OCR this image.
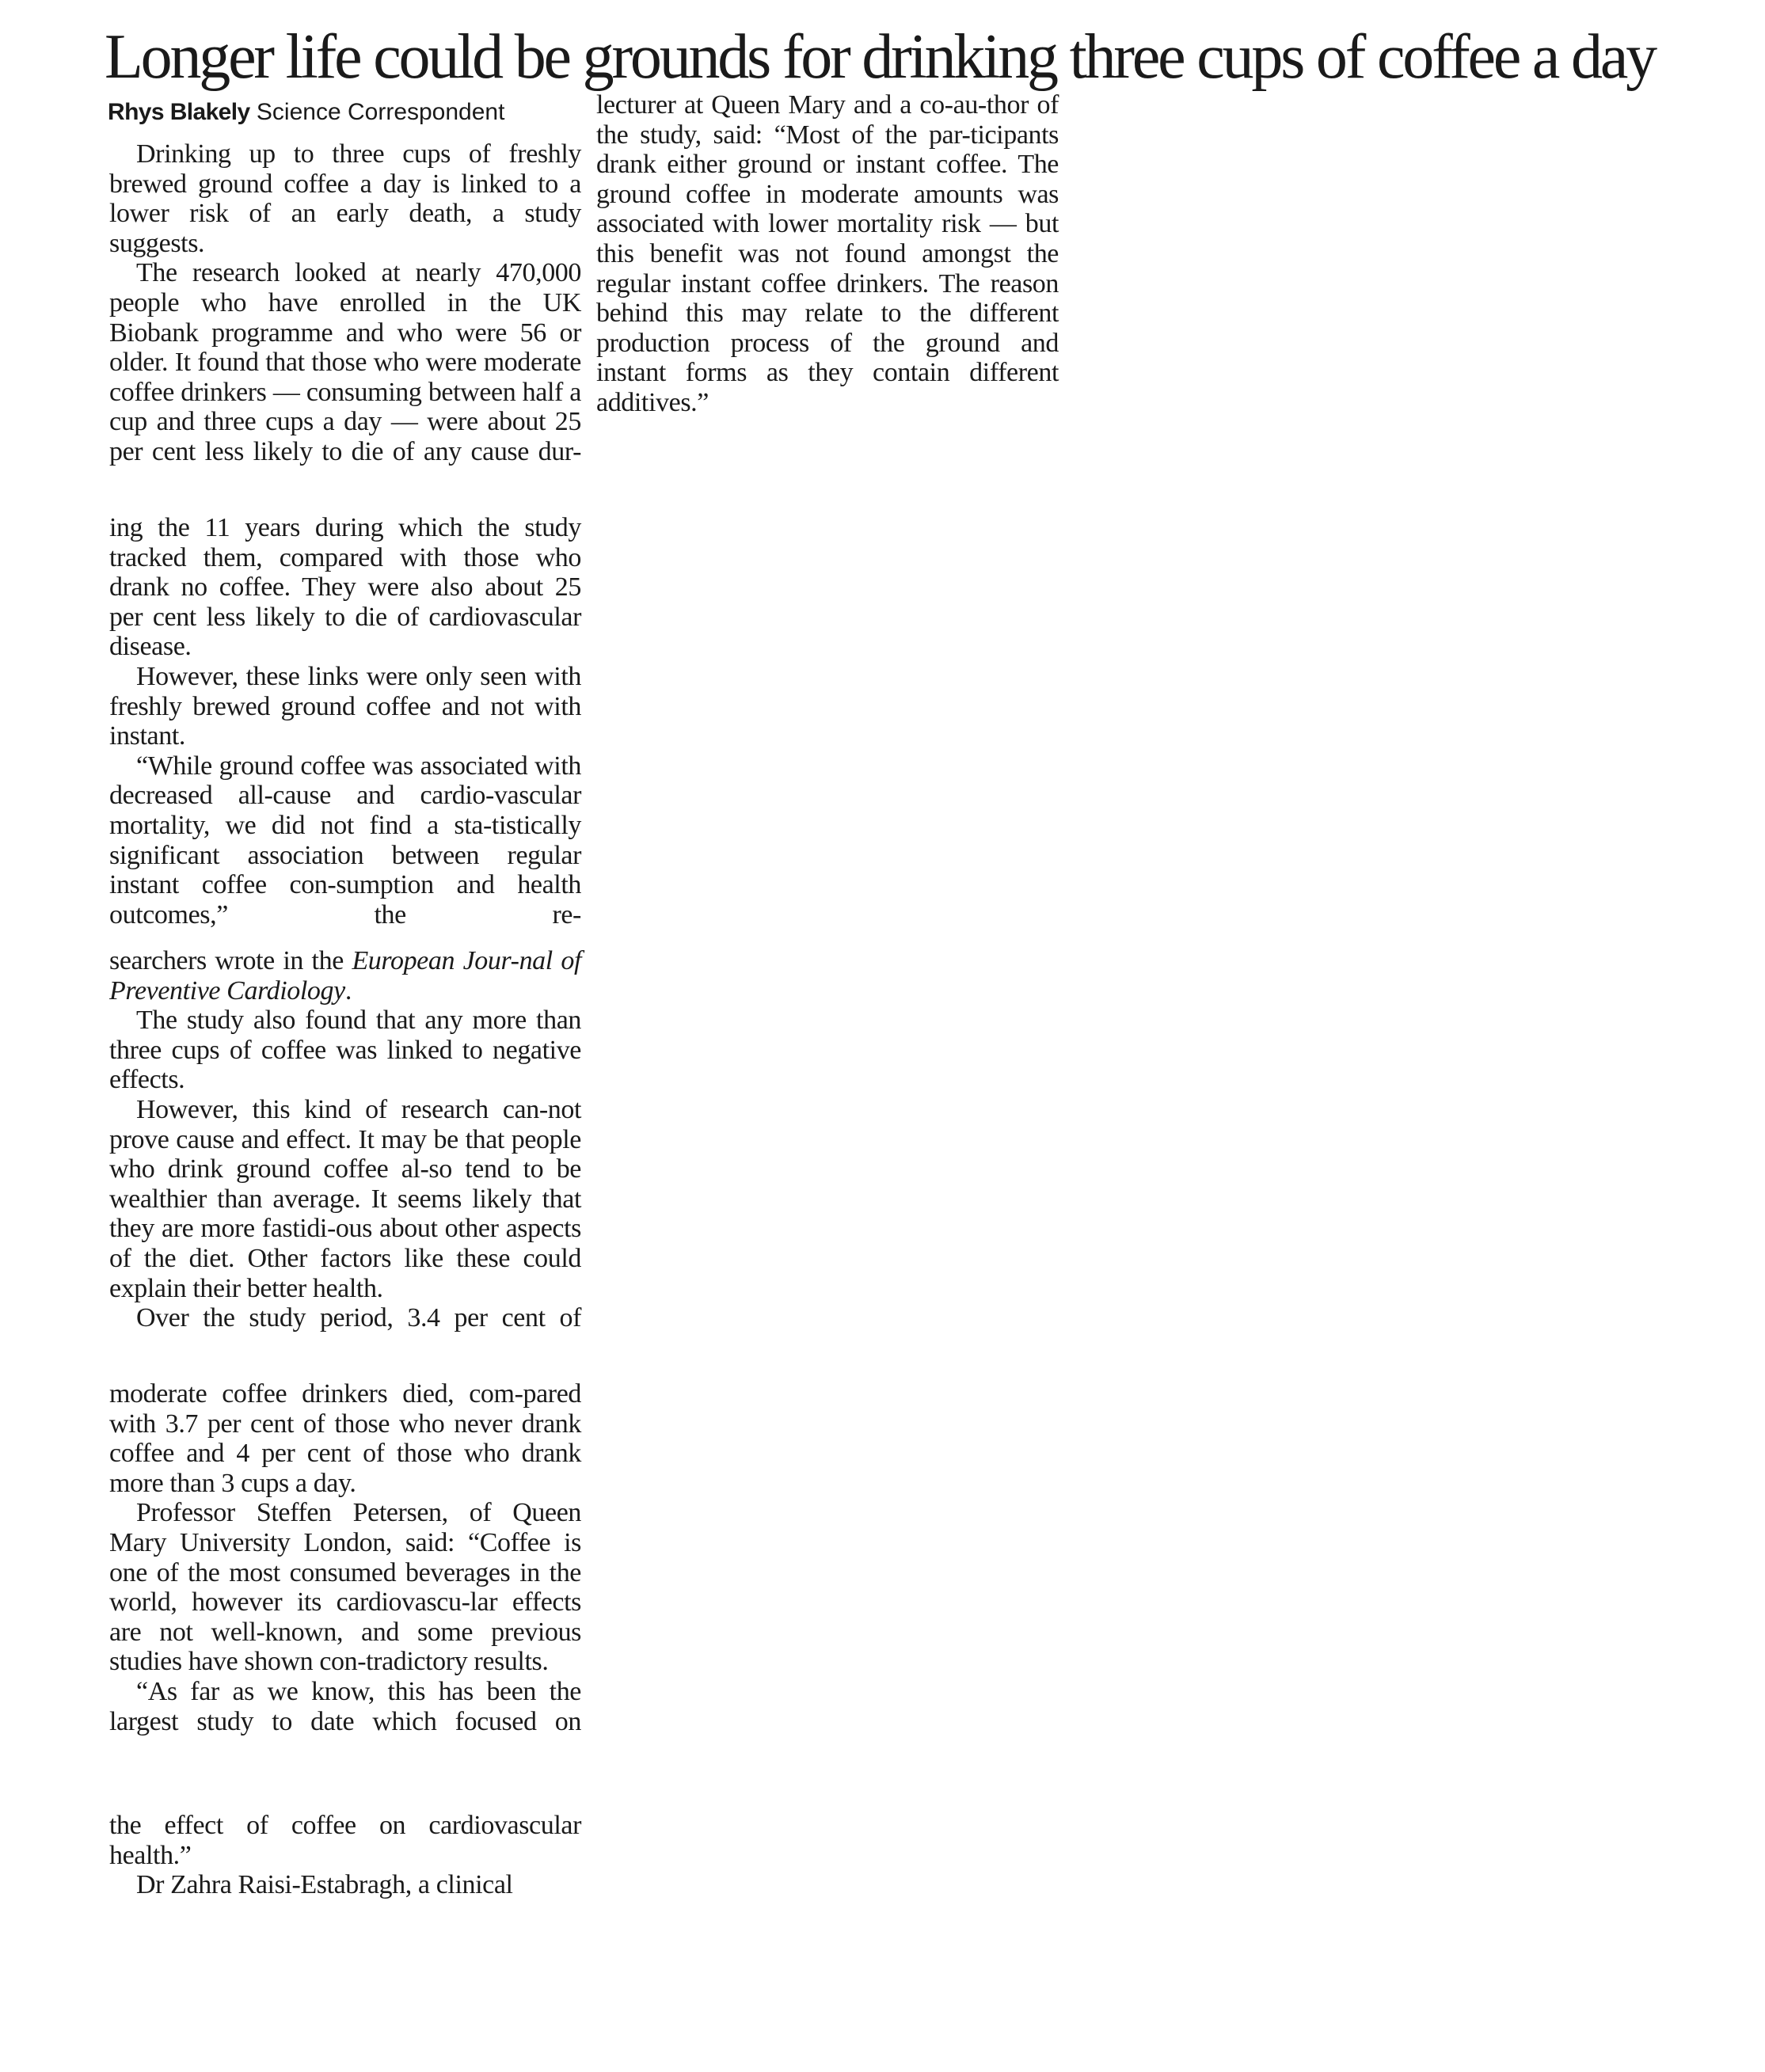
Longer life could be grounds for drinking three cups of coffee a day
Rhys Blakely Science Correspondent

Drinking up to three cups of freshly brewed ground coffee a day is linked to a lower risk of an early death, a study suggests.

The research looked at nearly 470,000 people who have enrolled in the UK Biobank programme and who were 56 or older. It found that those who were moderate coffee drinkers — consuming between half a cup and three cups a day — were about 25 per cent less likely to die of any cause dur-

ing the 11 years during which the study tracked them, compared with those who drank no coffee. They were also about 25 per cent less likely to die of cardiovascular disease.

However, these links were only seen with freshly brewed ground coffee and not with instant.

“While ground coffee was associated with decreased all-cause and cardio-vascular mortality, we did not find a sta-tistically significant association between regular instant coffee con-sumption and health outcomes,” the re-

searchers wrote in the European Jour-nal of Preventive Cardiology.

The study also found that any more than three cups of coffee was linked to negative effects.

However, this kind of research can-not prove cause and effect. It may be that people who drink ground coffee al-so tend to be wealthier than average. It seems likely that they are more fastidi-ous about other aspects of the diet. Other factors like these could explain their better health.

Over the study period, 3.4 per cent of

moderate coffee drinkers died, com-pared with 3.7 per cent of those who never drank coffee and 4 per cent of those who drank more than 3 cups a day.

Professor Steffen Petersen, of Queen Mary University London, said: “Coffee is one of the most consumed beverages in the world, however its cardiovascu-lar effects are not well-known, and some previous studies have shown con-tradictory results.

“As far as we know, this has been the largest study to date which focused on

the effect of coffee on cardiovascular health.”

Dr Zahra Raisi-Estabragh, a clinical

lecturer at Queen Mary and a co-au-thor of the study, said: “Most of the par-ticipants drank either ground or instant coffee. The ground coffee in moderate amounts was associated with lower mortality risk — but this benefit was not found amongst the regular instant coffee drinkers. The reason behind this may relate to the different production process of the ground and instant forms as they contain different additives.”
